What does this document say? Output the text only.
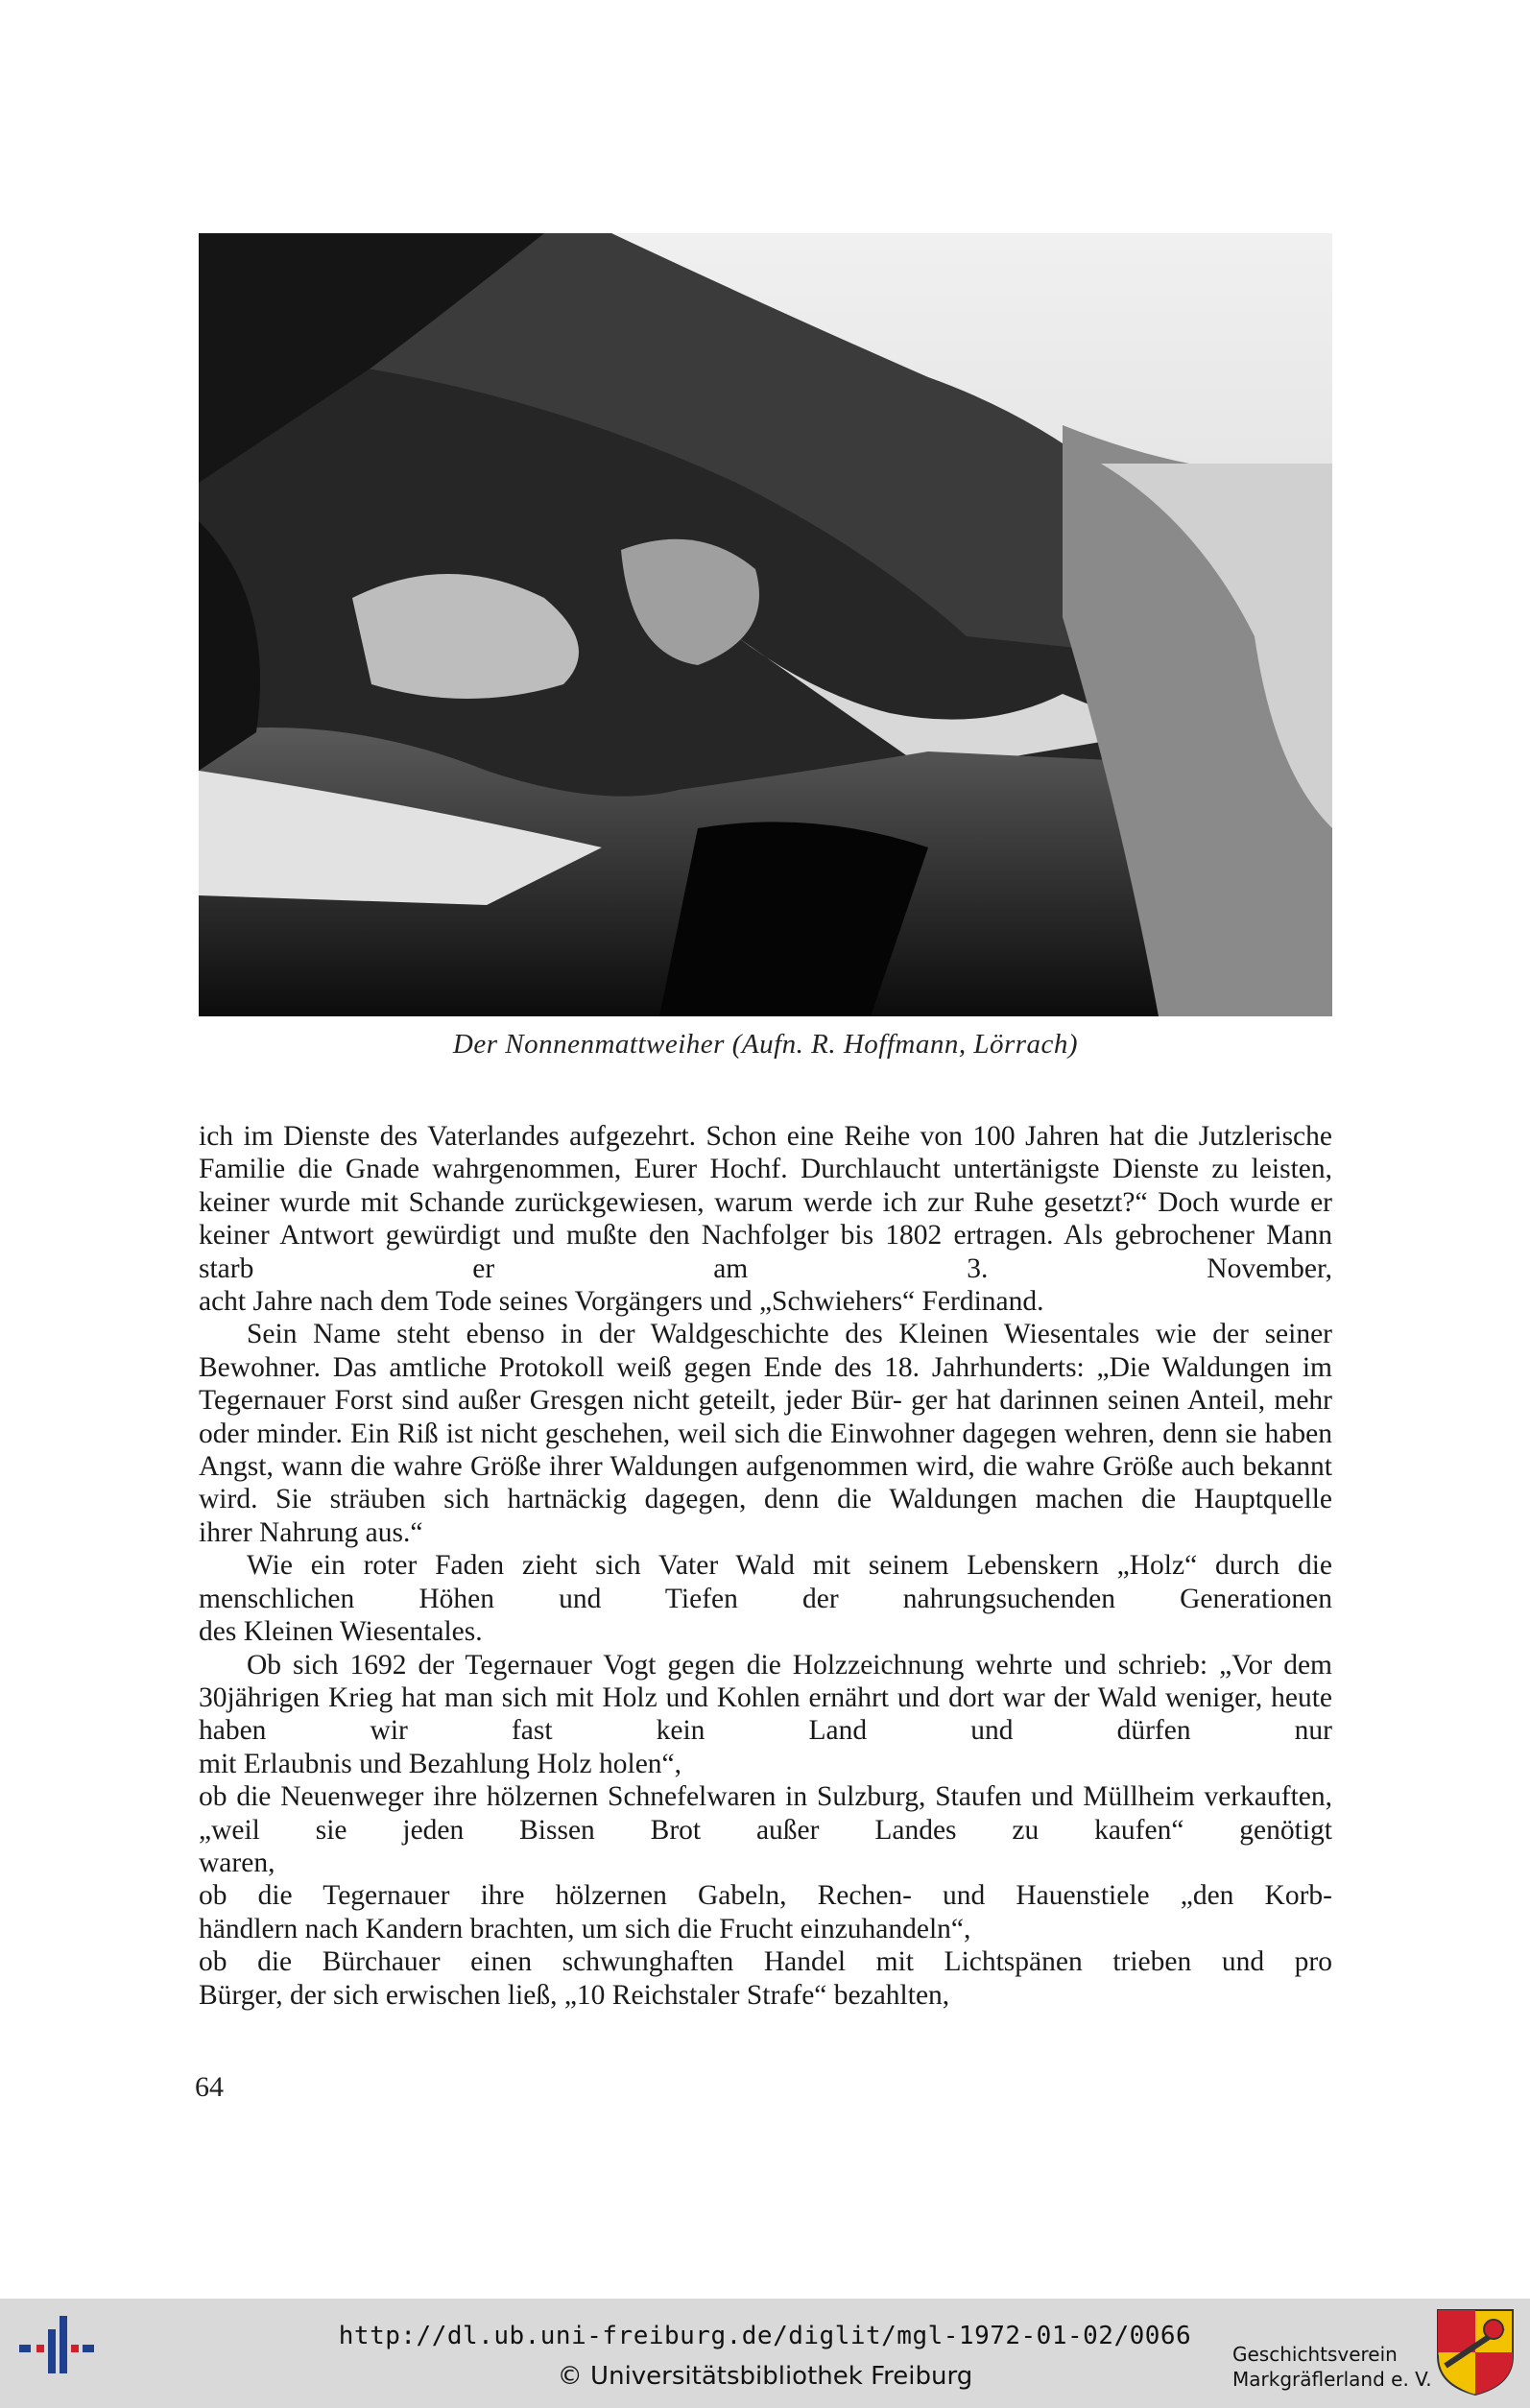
Der Nonnenmattweiher (Aufn. R. Hoffmann, Lörrach)

ich im Dienste des Vaterlandes aufgezehrt. Schon eine Reihe von 100 Jahren hat die Jutzlerische Familie die Gnade wahrgenommen, Eurer Hochf. Durchlaucht untertänigste Dienste zu leisten, keiner wurde mit Schande zurückgewiesen, warum werde ich zur Ruhe gesetzt?“ Doch wurde er keiner Antwort gewürdigt und mußte den Nachfolger bis 1802 ertragen. Als gebrochener Mann starb er am 3. November,

acht Jahre nach dem Tode seines Vorgängers und „Schwiehers“ Ferdinand.

Sein Name steht ebenso in der Waldgeschichte des Kleinen Wiesentales wie der seiner Bewohner. Das amtliche Protokoll weiß gegen Ende des 18. Jahrhunderts: „Die Waldungen im Tegernauer Forst sind außer Gresgen nicht geteilt, jeder Bür- ger hat darinnen seinen Anteil, mehr oder minder. Ein Riß ist nicht geschehen, weil sich die Einwohner dagegen wehren, denn sie haben Angst, wann die wahre Größe ihrer Waldungen aufgenommen wird, die wahre Größe auch bekannt wird. Sie sträuben sich hartnäckig dagegen, denn die Waldungen machen die Hauptquelle

ihrer Nahrung aus.“

Wie ein roter Faden zieht sich Vater Wald mit seinem Lebenskern „Holz“ durch die menschlichen Höhen und Tiefen der nahrungsuchenden Generationen

des Kleinen Wiesentales.

Ob sich 1692 der Tegernauer Vogt gegen die Holzzeichnung wehrte und schrieb: „Vor dem 30jährigen Krieg hat man sich mit Holz und Kohlen ernährt und dort war der Wald weniger, heute haben wir fast kein Land und dürfen nur

mit Erlaubnis und Bezahlung Holz holen“,

ob die Neuenweger ihre hölzernen Schnefelwaren in Sulzburg, Staufen und Müllheim verkauften, „weil sie jeden Bissen Brot außer Landes zu kaufen“ genötigt

waren,

ob die Tegernauer ihre hölzernen Gabeln, Rechen- und Hauenstiele „den Korb-

händlern nach Kandern brachten, um sich die Frucht einzuhandeln“,

ob die Bürchauer einen schwunghaften Handel mit Lichtspänen trieben und pro

Bürger, der sich erwischen ließ, „10 Reichstaler Strafe“ bezahlten,

64
http://dl.ub.uni-freiburg.de/diglit/mgl-1972-01-02/0066
© Universitätsbibliothek Freiburg
Geschichtsverein
Markgräflerland e. V.
